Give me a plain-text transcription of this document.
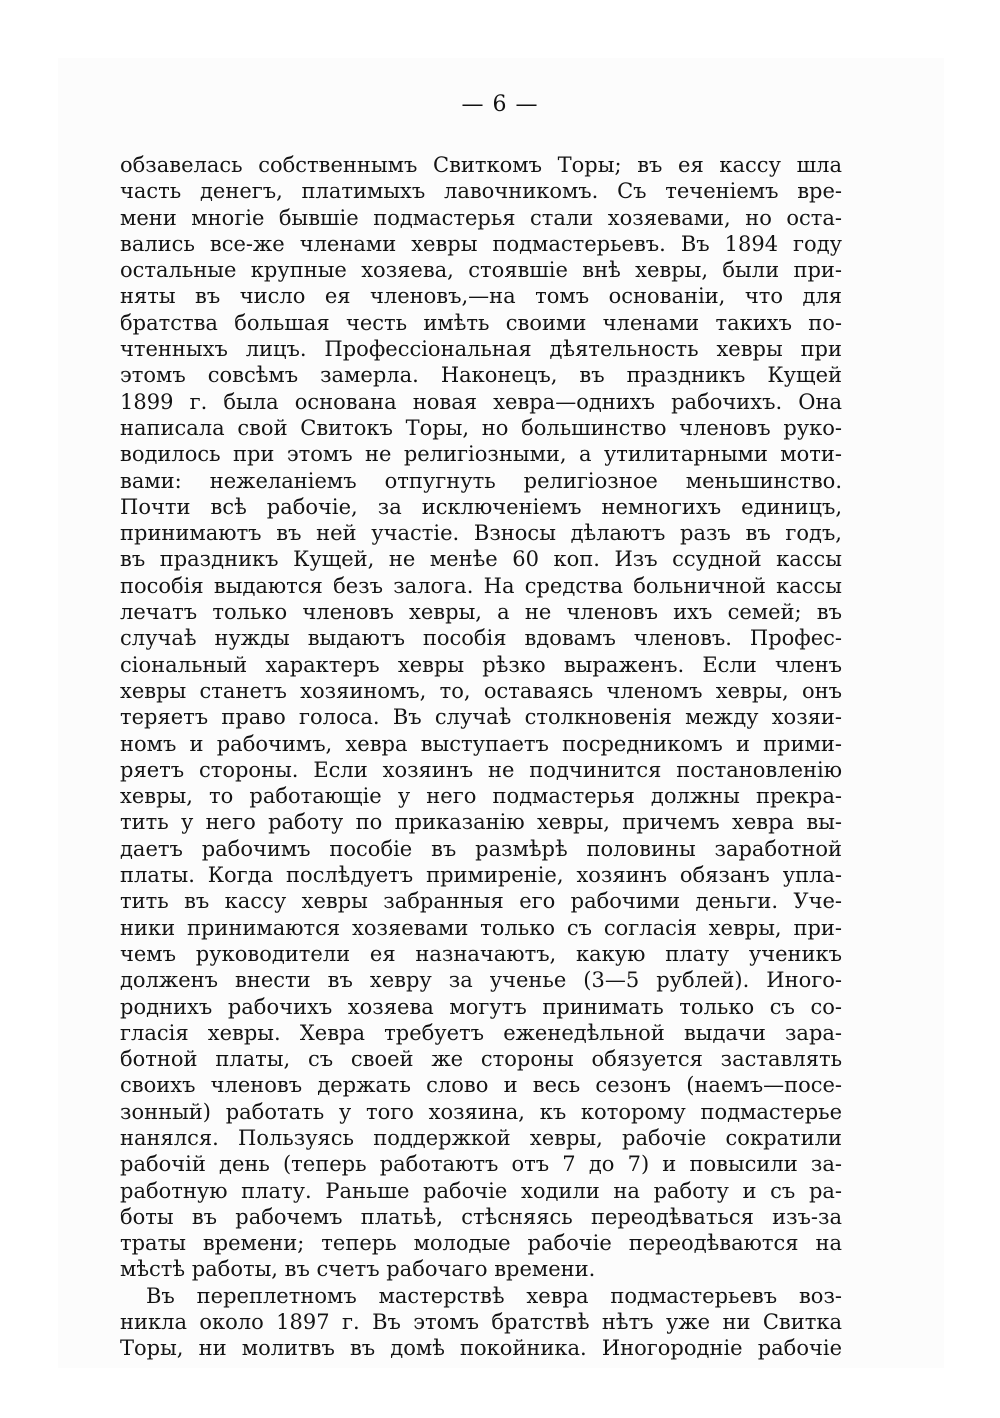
— 6 —
обзавелась собственнымъ Свиткомъ Торы; въ ея кассу шла
часть денегъ, платимыхъ лавочникомъ. Съ теченіемъ вре-
мени многіе бывшіе подмастерья стали хозяевами, но оста-
вались все-же членами хевры подмастерьевъ. Въ 1894 году
остальные крупные хозяева, стоявшіе внѣ хевры, были при-
няты въ число ея членовъ,—на томъ основаніи, что для
братства большая честь имѣть своими членами такихъ по-
чтенныхъ лицъ. Профессіональная дѣятельность хевры при
этомъ совсѣмъ замерла. Наконецъ, въ праздникъ Кущей
1899 г. была основана новая хевра—однихъ рабочихъ. Она
написала свой Свитокъ Торы, но большинство членовъ руко-
водилось при этомъ не религіозными, а утилитарными моти-
вами: нежеланіемъ отпугнуть религіозное меньшинство.
Почти всѣ рабочіе, за исключеніемъ немногихъ единицъ,
принимаютъ въ ней участіе. Взносы дѣлаютъ разъ въ годъ,
въ праздникъ Кущей, не менѣе 60 коп. Изъ ссудной кассы
пособія выдаются безъ залога. На средства больничной кассы
лечатъ только членовъ хевры, а не членовъ ихъ семей; въ
случаѣ нужды выдаютъ пособія вдовамъ членовъ. Профес-
сіональный характеръ хевры рѣзко выраженъ. Если членъ
хевры станетъ хозяиномъ, то, оставаясь членомъ хевры, онъ
теряетъ право голоса. Въ случаѣ столкновенія между хозяи-
номъ и рабочимъ, хевра выступаетъ посредникомъ и прими-
ряетъ стороны. Если хозяинъ не подчинится постановленію
хевры, то работающіе у него подмастерья должны прекра-
тить у него работу по приказанію хевры, причемъ хевра вы-
даетъ рабочимъ пособіе въ размѣрѣ половины заработной
платы. Когда послѣдуетъ примиреніе, хозяинъ обязанъ упла-
тить въ кассу хевры забранныя его рабочими деньги. Уче-
ники принимаются хозяевами только съ согласія хевры, при-
чемъ руководители ея назначаютъ, какую плату ученикъ
долженъ внести въ хевру за ученье (3—5 рублей). Иного-
роднихъ рабочихъ хозяева могутъ принимать только съ со-
гласія хевры. Хевра требуетъ еженедѣльной выдачи зара-
ботной платы, съ своей же стороны обязуется заставлять
своихъ членовъ держать слово и весь сезонъ (наемъ—посе-
зонный) работать у того хозяина, къ которому подмастерье
нанялся. Пользуясь поддержкой хевры, рабочіе сократили
рабочій день (теперь работаютъ отъ 7 до 7) и повысили за-
работную плату. Раньше рабочіе ходили на работу и съ ра-
боты въ рабочемъ платьѣ, стѣсняясь переодѣваться изъ-за
траты времени; теперь молодые рабочіе переодѣваются на
мѣстѣ работы, въ счетъ рабочаго времени.
Въ переплетномъ мастерствѣ хевра подмастерьевъ воз-
никла около 1897 г. Въ этомъ братствѣ нѣтъ уже ни Свитка
Торы, ни молитвъ въ домѣ покойника. Иногородніе рабочіе
